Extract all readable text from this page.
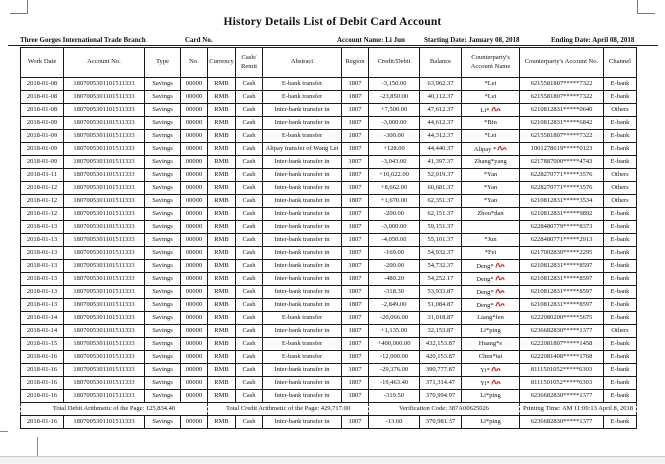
History Details List of Debit Card Account
Three Gorges International Trade Branch	Card No.	Account Name: Li Jun	Starting Date: January 08, 2018	Ending Date: April 08, 2018
Work Date	Account No.	Type	No.	Currency	Cash/ Remit	Abstract	Region	Credit/Debit	Balance	Counterparty's Account Name	Counterparty's Account No.	Channel
2018-01-08	1807005301101511333	Savings	00000	RMB	Cash	E-bank transfer	1807	-3,150.00	63,962.37	*Lei	6215581807*****7322	E-bank
2018-01-08	1807005301101511333	Savings	00000	RMB	Cash	E-bank transfer	1807	-23,850.00	40,112.37	*Lei	6215581807*****7322	E-bank
2018-01-08	1807005301101511333	Savings	00000	RMB	Cash	Inter-bank transfer in	1807	+7,500.00	47,612.37	Li*	6210812831*****0640	Others
2018-01-09	1807005301101511333	Savings	00000	RMB	Cash	Inter-bank transfer in	1807	-3,000.00	44,612.37	*Bin	6210812831*****6842	E-bank
2018-01-09	1807005301101511333	Savings	00000	RMB	Cash	E-bank transfer	1807	-300.00	44,312.37	*Lei	6215581807*****7322	E-bank
2018-01-09	1807005301101511333	Savings	00000	RMB	Cash	Alipay transfer of Wang Lei	1807	+128.00	44,440.37	Alipay *	1001278619*****0123	E-bank
2018-01-09	1807005301101511333	Savings	00000	RMB	Cash	Inter-bank transfer in	1807	-3,043.00	41,397.37	Zhang*yang	6217887000*****4743	E-bank
2018-01-11	1807005301101511333	Savings	00000	RMB	Cash	Inter-bank transfer in	1807	+10,622.00	52,019.37	*Yan	6228270771*****3576	Others
2018-01-12	1807005301101511333	Savings	00000	RMB	Cash	Inter-bank transfer in	1807	+8,662.00	60,681.37	*Yan	6228270771*****3576	Others
2018-01-12	1807005301101511333	Savings	00000	RMB	Cash	Inter-bank transfer in	1807	+1,670.00	62,351.37	*Yan	6210812831*****3534	Others
2018-01-12	1807005301101511333	Savings	00000	RMB	Cash	Inter-bank transfer in	1807	-200.00	62,151.37	Zhou*dan	6210812831*****9892	E-bank
2018-01-13	1807005301101511333	Savings	00000	RMB	Cash	Inter-bank transfer in	1807	-3,000.00	59,151.37		6228480779*****8373	E-bank
2018-01-13	1807005301101511333	Savings	00000	RMB	Cash	Inter-bank transfer in	1807	-4,050.00	55,101.37	*Jun	6228480771*****2913	E-bank
2018-01-13	1807005301101511333	Savings	00000	RMB	Cash	Inter-bank transfer in	1807	-169.00	54,932.37	*Fei	6217002830*****2295	E-bank
2018-01-13	1807005301101511333	Savings	00000	RMB	Cash	Inter-bank transfer in	1807	-200.00	54,732.37	Deng*	6210812831*****8597	E-bank
2018-01-13	1807005301101511333	Savings	00000	RMB	Cash	Inter-bank transfer in	1807	-480.20	54,252.17	Deng*	6210812831*****8597	E-bank
2018-01-13	1807005301101511333	Savings	00000	RMB	Cash	Inter-bank transfer in	1807	-318.30	53,933.87	Deng*	6210812831*****8597	E-bank
2018-01-13	1807005301101511333	Savings	00000	RMB	Cash	Inter-bank transfer in	1807	-2,849.00	51,084.87	Deng*	6210812831*****8597	E-bank
2018-01-14	1807005301101511333	Savings	00000	RMB	Cash	E-bank transfer	1807	-20,066.00	31,018.87	Liang*fen	6222080200*****5675	E-bank
2018-01-14	1807005301101511333	Savings	00000	RMB	Cash	Inter-bank transfer in	1807	+1,135.00	32,153.87	Li*ping	6236682830*****1377	Others
2018-01-15	1807005301101511333	Savings	00000	RMB	Cash	E-bank transfer	1807	+400,000.00	432,153.87	Huang*e	6222081807*****1458	E-bank
2018-01-16	1807005301101511333	Savings	00000	RMB	Cash	E-bank transfer	1807	-12,000.00	420,153.87	Chen*tai	6222081408*****1768	E-bank
2018-01-16	1807005301101511333	Savings	00000	RMB	Cash	Inter-bank transfer in	1807	-29,376.00	390,777.87	Yi*	8111501052*****6303	E-bank
2018-01-16	1807005301101511333	Savings	00000	RMB	Cash	Inter-bank transfer in	1807	-19,463.40	371,314.47	Yi*	8111501052*****6303	E-bank
2018-01-16	1807005301101511333	Savings	00000	RMB	Cash	Inter-bank transfer in	1807	-319.50	370,994.97	Li*ping	6236682830*****1377	E-bank
Total Debit Arithmetic of the Page: 125,834.40				Total Credit Arithmetic of the Page: 429,717.00				Verification Code: 387A00625026			Printing Time: AM 11:09:13 April 8, 2018	
2018-01-16	1807005301101511333	Savings	00000	RMB	Cash	Inter-bank transfer in	1807	-13.60	370,981.37	Li*ping	6236682830*****1377	E-bank
